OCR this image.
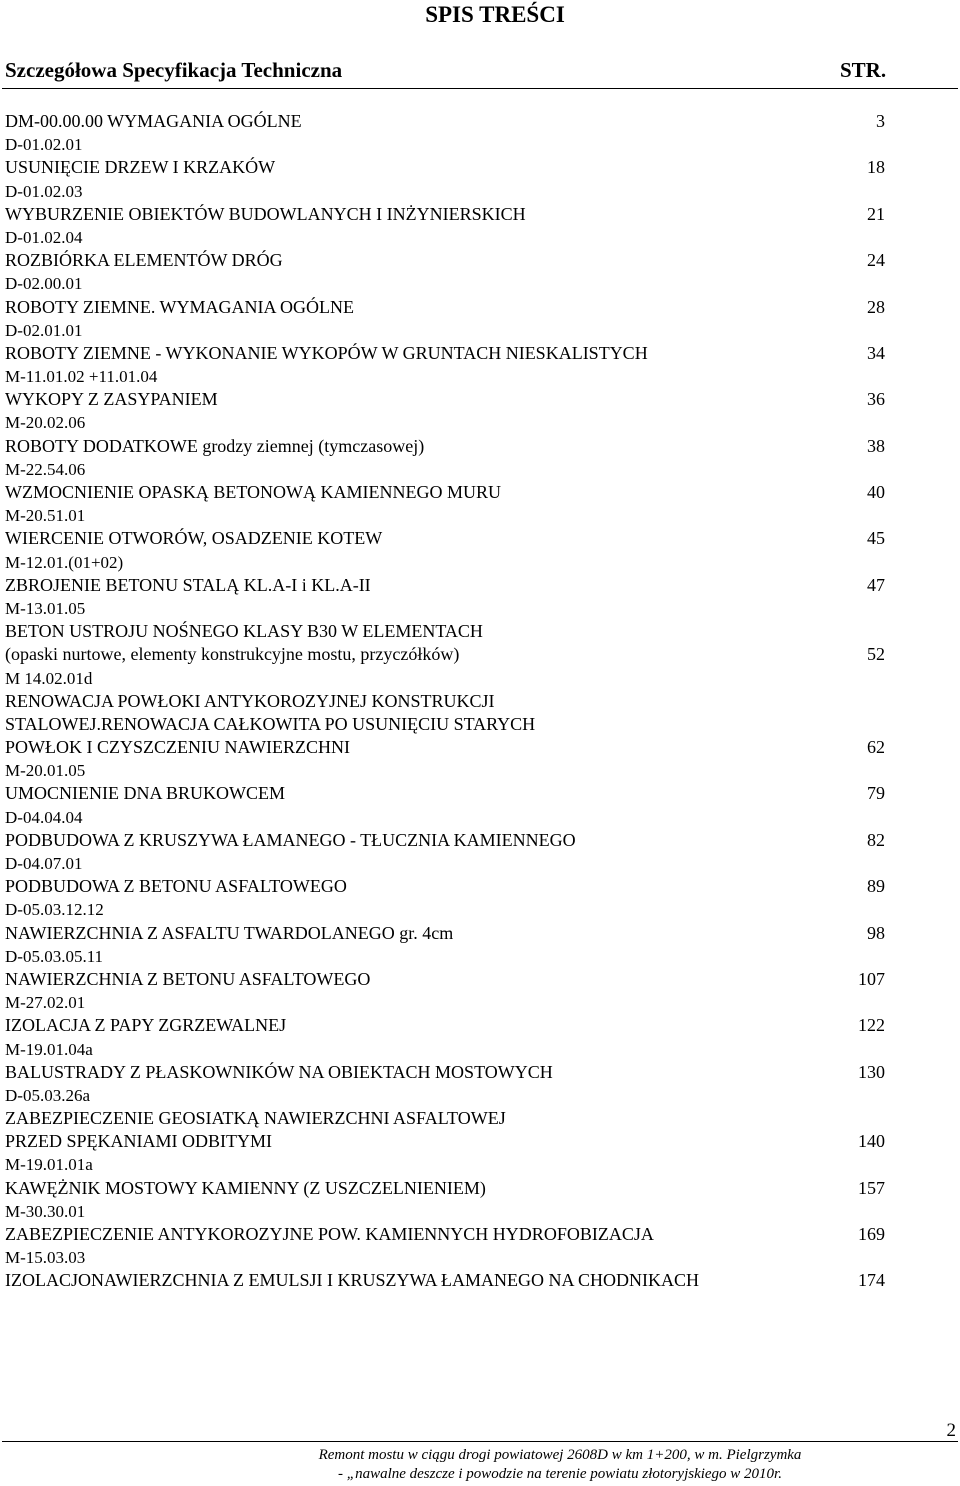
SPIS TREŚCI
Szczegółowa Specyfikacja Techniczna	STR.
DM-00.00.00 WYMAGANIA OGÓLNE	3
D-01.02.01
USUNIĘCIE DRZEW I KRZAKÓW	18
D-01.02.03
WYBURZENIE OBIEKTÓW BUDOWLANYCH I INŻYNIERSKICH	21
D-01.02.04
ROZBIÓRKA ELEMENTÓW DRÓG	24
D-02.00.01
ROBOTY ZIEMNE. WYMAGANIA OGÓLNE	28
D-02.01.01
ROBOTY ZIEMNE - WYKONANIE WYKOPÓW W GRUNTACH NIESKALISTYCH	34
M-11.01.02 +11.01.04
WYKOPY Z ZASYPANIEM	36
M-20.02.06
ROBOTY DODATKOWE grodzy ziemnej (tymczasowej)	38
M-22.54.06
WZMOCNIENIE OPASKĄ BETONOWĄ KAMIENNEGO MURU	40
M-20.51.01
WIERCENIE OTWORÓW, OSADZENIE KOTEW	45
M-12.01.(01+02)
ZBROJENIE BETONU STALĄ KL.A-I i KL.A-II	47
M-13.01.05
BETON USTROJU NOŚNEGO KLASY B30 W ELEMENTACH
(opaski nurtowe, elementy konstrukcyjne mostu, przyczółków)	52
M 14.02.01d
RENOWACJA POWŁOKI ANTYKOROZYJNEJ KONSTRUKCJI
STALOWEJ.RENOWACJA CAŁKOWITA PO USUNIĘCIU STARYCH
POWŁOK I CZYSZCZENIU NAWIERZCHNI	62
M-20.01.05
UMOCNIENIE DNA BRUKOWCEM	79
D-04.04.04
PODBUDOWA Z KRUSZYWA ŁAMANEGO - TŁUCZNIA KAMIENNEGO	82
D-04.07.01
PODBUDOWA Z BETONU ASFALTOWEGO	89
D-05.03.12.12
NAWIERZCHNIA Z ASFALTU TWARDOLANEGO gr. 4cm	98
D-05.03.05.11
NAWIERZCHNIA Z BETONU ASFALTOWEGO	107
M-27.02.01
IZOLACJA Z PAPY ZGRZEWALNEJ	122
M-19.01.04a
BALUSTRADY Z PŁASKOWNIKÓW NA OBIEKTACH MOSTOWYCH	130
D-05.03.26a
ZABEZPIECZENIE GEOSIATKĄ NAWIERZCHNI ASFALTOWEJ
PRZED SPĘKANIAMI ODBITYMI	140
M-19.01.01a
KAWĘŻNIK MOSTOWY KAMIENNY (Z USZCZELNIENIEM)	157
M-30.30.01
ZABEZPIECZENIE ANTYKOROZYJNE POW. KAMIENNYCH HYDROFOBIZACJA	169
M-15.03.03
IZOLACJONAWIERZCHNIA Z EMULSJI I KRUSZYWA ŁAMANEGO NA CHODNIKACH	174
2
Remont mostu w ciągu drogi powiatowej 2608D w km 1+200, w m. Pielgrzymka
- „nawalne deszcze i powodzie na terenie powiatu złotoryjskiego w 2010r.
